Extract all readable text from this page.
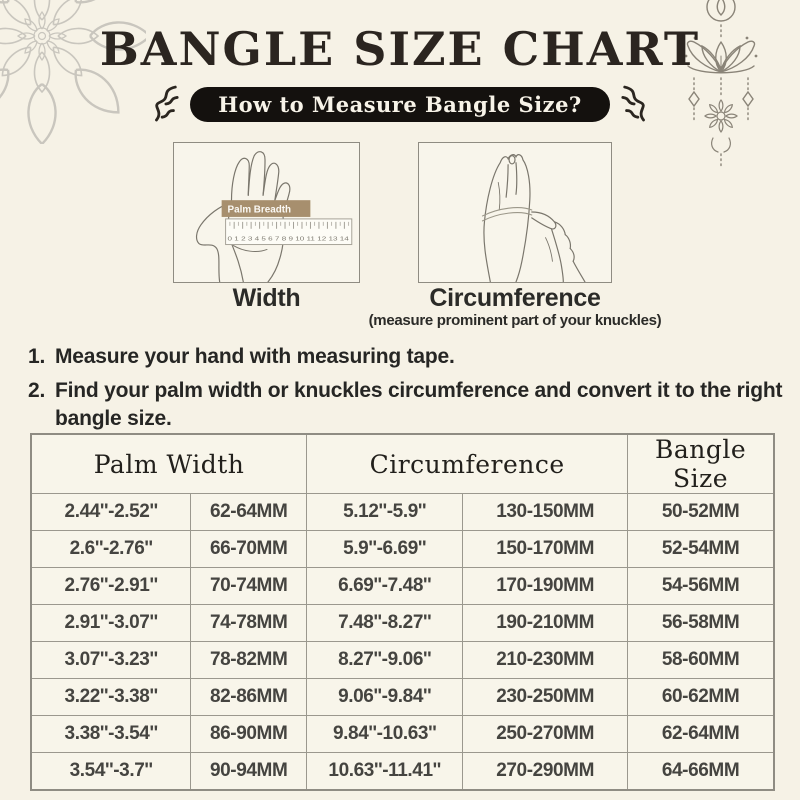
BANGLE SIZE CHART
How to Measure Bangle Size?
0 1 2 3 4 5 6 7 8 9 10 11 12 13 14
Palm Breadth

Width	Circumference

(measure prominent part of your knuckles)

1. Measure your hand with measuring tape.
2. Find your palm width or knuckles circumference and convert it to the right bangle size.
Palm Width		Circumference		Bangle Size
2.44''-2.52''	62-64MM	5.12''-5.9''	130-150MM	50-52MM
2.6''-2.76''	66-70MM	5.9''-6.69''	150-170MM	52-54MM
2.76''-2.91''	70-74MM	6.69''-7.48''	170-190MM	54-56MM
2.91''-3.07''	74-78MM	7.48''-8.27''	190-210MM	56-58MM
3.07''-3.23''	78-82MM	8.27''-9.06''	210-230MM	58-60MM
3.22''-3.38''	82-86MM	9.06''-9.84''	230-250MM	60-62MM
3.38''-3.54''	86-90MM	9.84''-10.63''	250-270MM	62-64MM
3.54''-3.7''	90-94MM	10.63''-11.41''	270-290MM	64-66MM
